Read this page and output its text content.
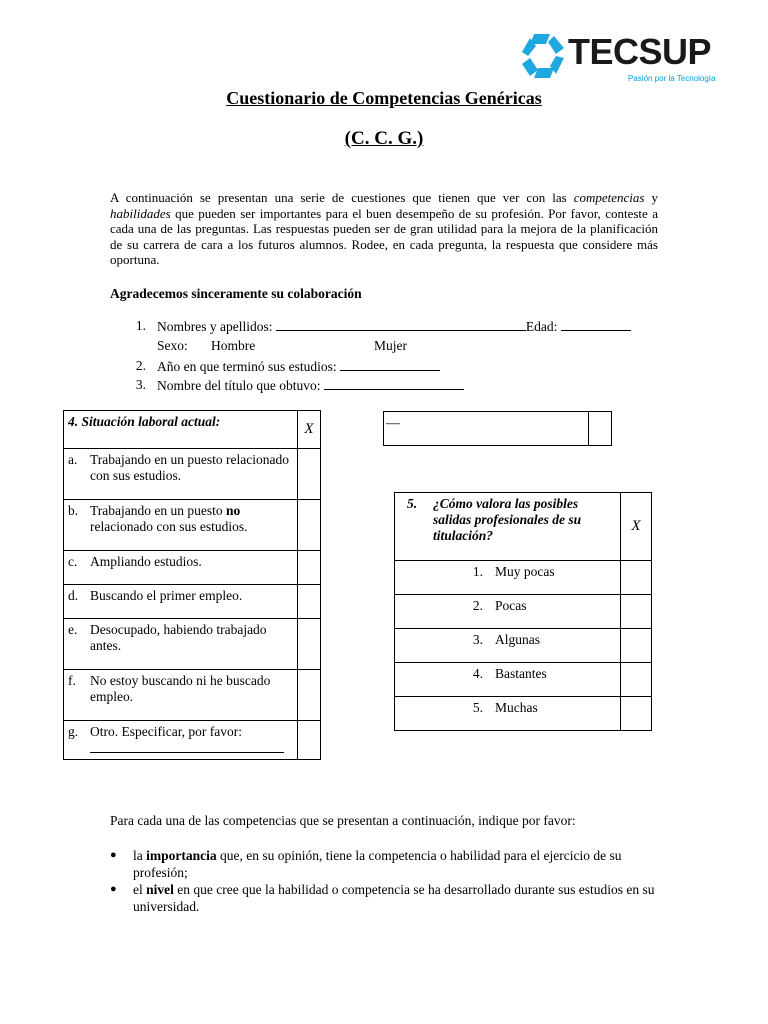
TECSUP
Pasión por la Tecnología
Cuestionario de Competencias Genéricas
(C. C. G.)
A continuación se presentan una serie de cuestiones que tienen que ver con las competencias y habilidades que pueden ser importantes para el buen desempeño de su profesión. Por favor, conteste a cada una de las preguntas. Las respuestas pueden ser de gran utilidad para la mejora de la planificación de su carrera de cara a los futuros alumnos. Rodee, en cada pregunta, la respuesta que considere más oportuna.
Agradecemos sinceramente su colaboración
1. Nombres y apellidos:	Edad:
Sexo: Hombre	Mujer
2. Año en que terminó sus estudios:
3. Nombre del título que obtuvo:
4. Situación laboral actual:	X

a. Trabajando en un puesto relacionado con sus estudios.	

b. Trabajando en un puesto no relacionado con sus estudios.	

c. Ampliando estudios.	

d. Buscando el primer empleo.	

e. Desocupado, habiendo trabajado antes.	

f. No estoy buscando ni he buscado empleo.	

g. Otro. Especificar, por favor:	

—	
5. ¿Cómo valora las posibles salidas profesionales de su titulación?	X

1. Muy pocas	

2. Pocas	

3. Algunas	

4. Bastantes	

5. Muchas	

Para cada una de las competencias que se presentan a continuación, indique por favor:
●	la importancia que, en su opinión, tiene la competencia o habilidad para el ejercicio de su profesión;
●	el nivel en que cree que la habilidad o competencia se ha desarrollado durante sus estudios en su universidad.
